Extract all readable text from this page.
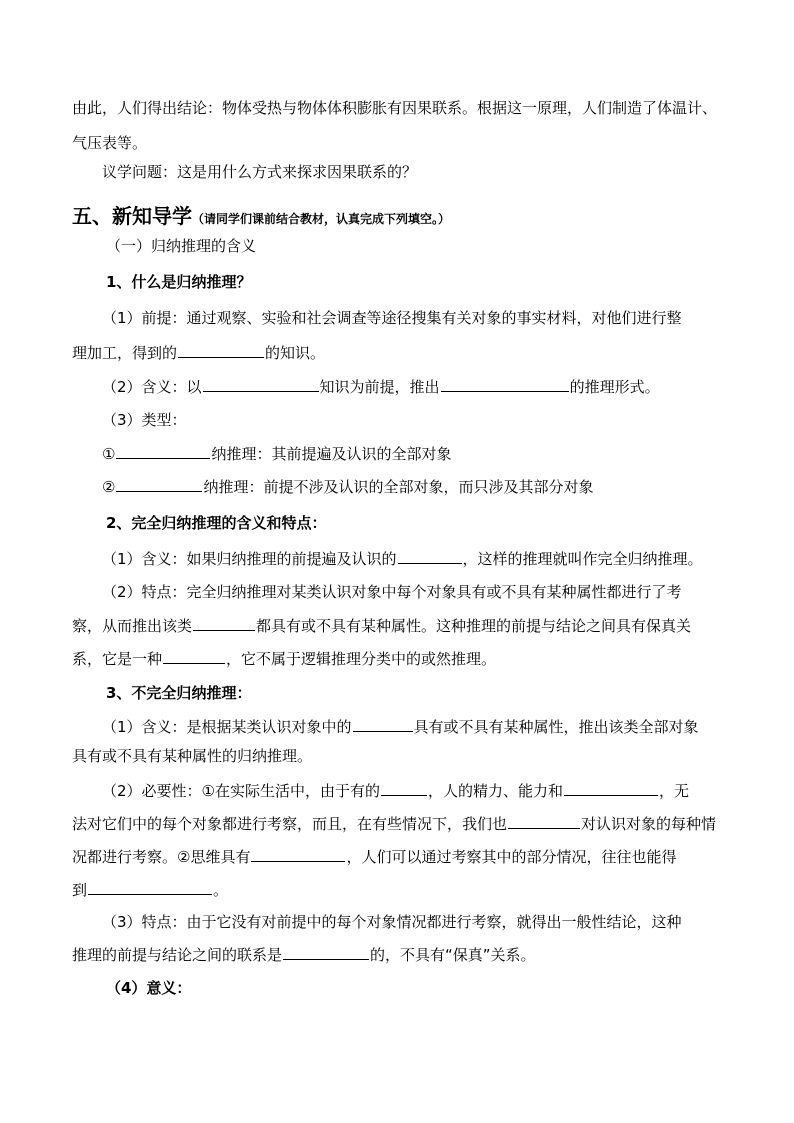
由此，人们得出结论：物体受热与物体体积膨胀有因果联系。根据这一原理，人们制造了体温计、
气压表等。
议学问题：这是用什么方式来探求因果联系的？
五、新知导学（请同学们课前结合教材，认真完成下列填空。）
（一）归纳推理的含义
1、什么是归纳推理？
（1）前提：通过观察、实验和社会调查等途径搜集有关对象的事实材料，对他们进行整
理加工，得到的	的知识。
（2）含义：以	知识为前提，推出	的推理形式。
（3）类型：
①	纳推理：其前提遍及认识的全部对象
②	纳推理：前提不涉及认识的全部对象，而只涉及其部分对象
2、完全归纳推理的含义和特点：
（1）含义：如果归纳推理的前提遍及认识的	，这样的推理就叫作完全归纳推理。
（2）特点：完全归纳推理对某类认识对象中每个对象具有或不具有某种属性都进行了考
察，从而推出该类	都具有或不具有某种属性。这种推理的前提与结论之间具有保真关
系，它是一种	，它不属于逻辑推理分类中的或然推理。
3、不完全归纳推理：
（1）含义：是根据某类认识对象中的	具有或不具有某种属性，推出该类全部对象
具有或不具有某种属性的归纳推理。
（2）必要性：①在实际生活中，由于有的	，人的精力、能力和	，无
法对它们中的每个对象都进行考察，而且，在有些情况下，我们也	对认识对象的每种情
况都进行考察。②思维具有	，人们可以通过考察其中的部分情况，往往也能得
到	。
（3）特点：由于它没有对前提中的每个对象情况都进行考察，就得出一般性结论，这种
推理的前提与结论之间的联系是	的，不具有“保真”关系。
（4）意义：
